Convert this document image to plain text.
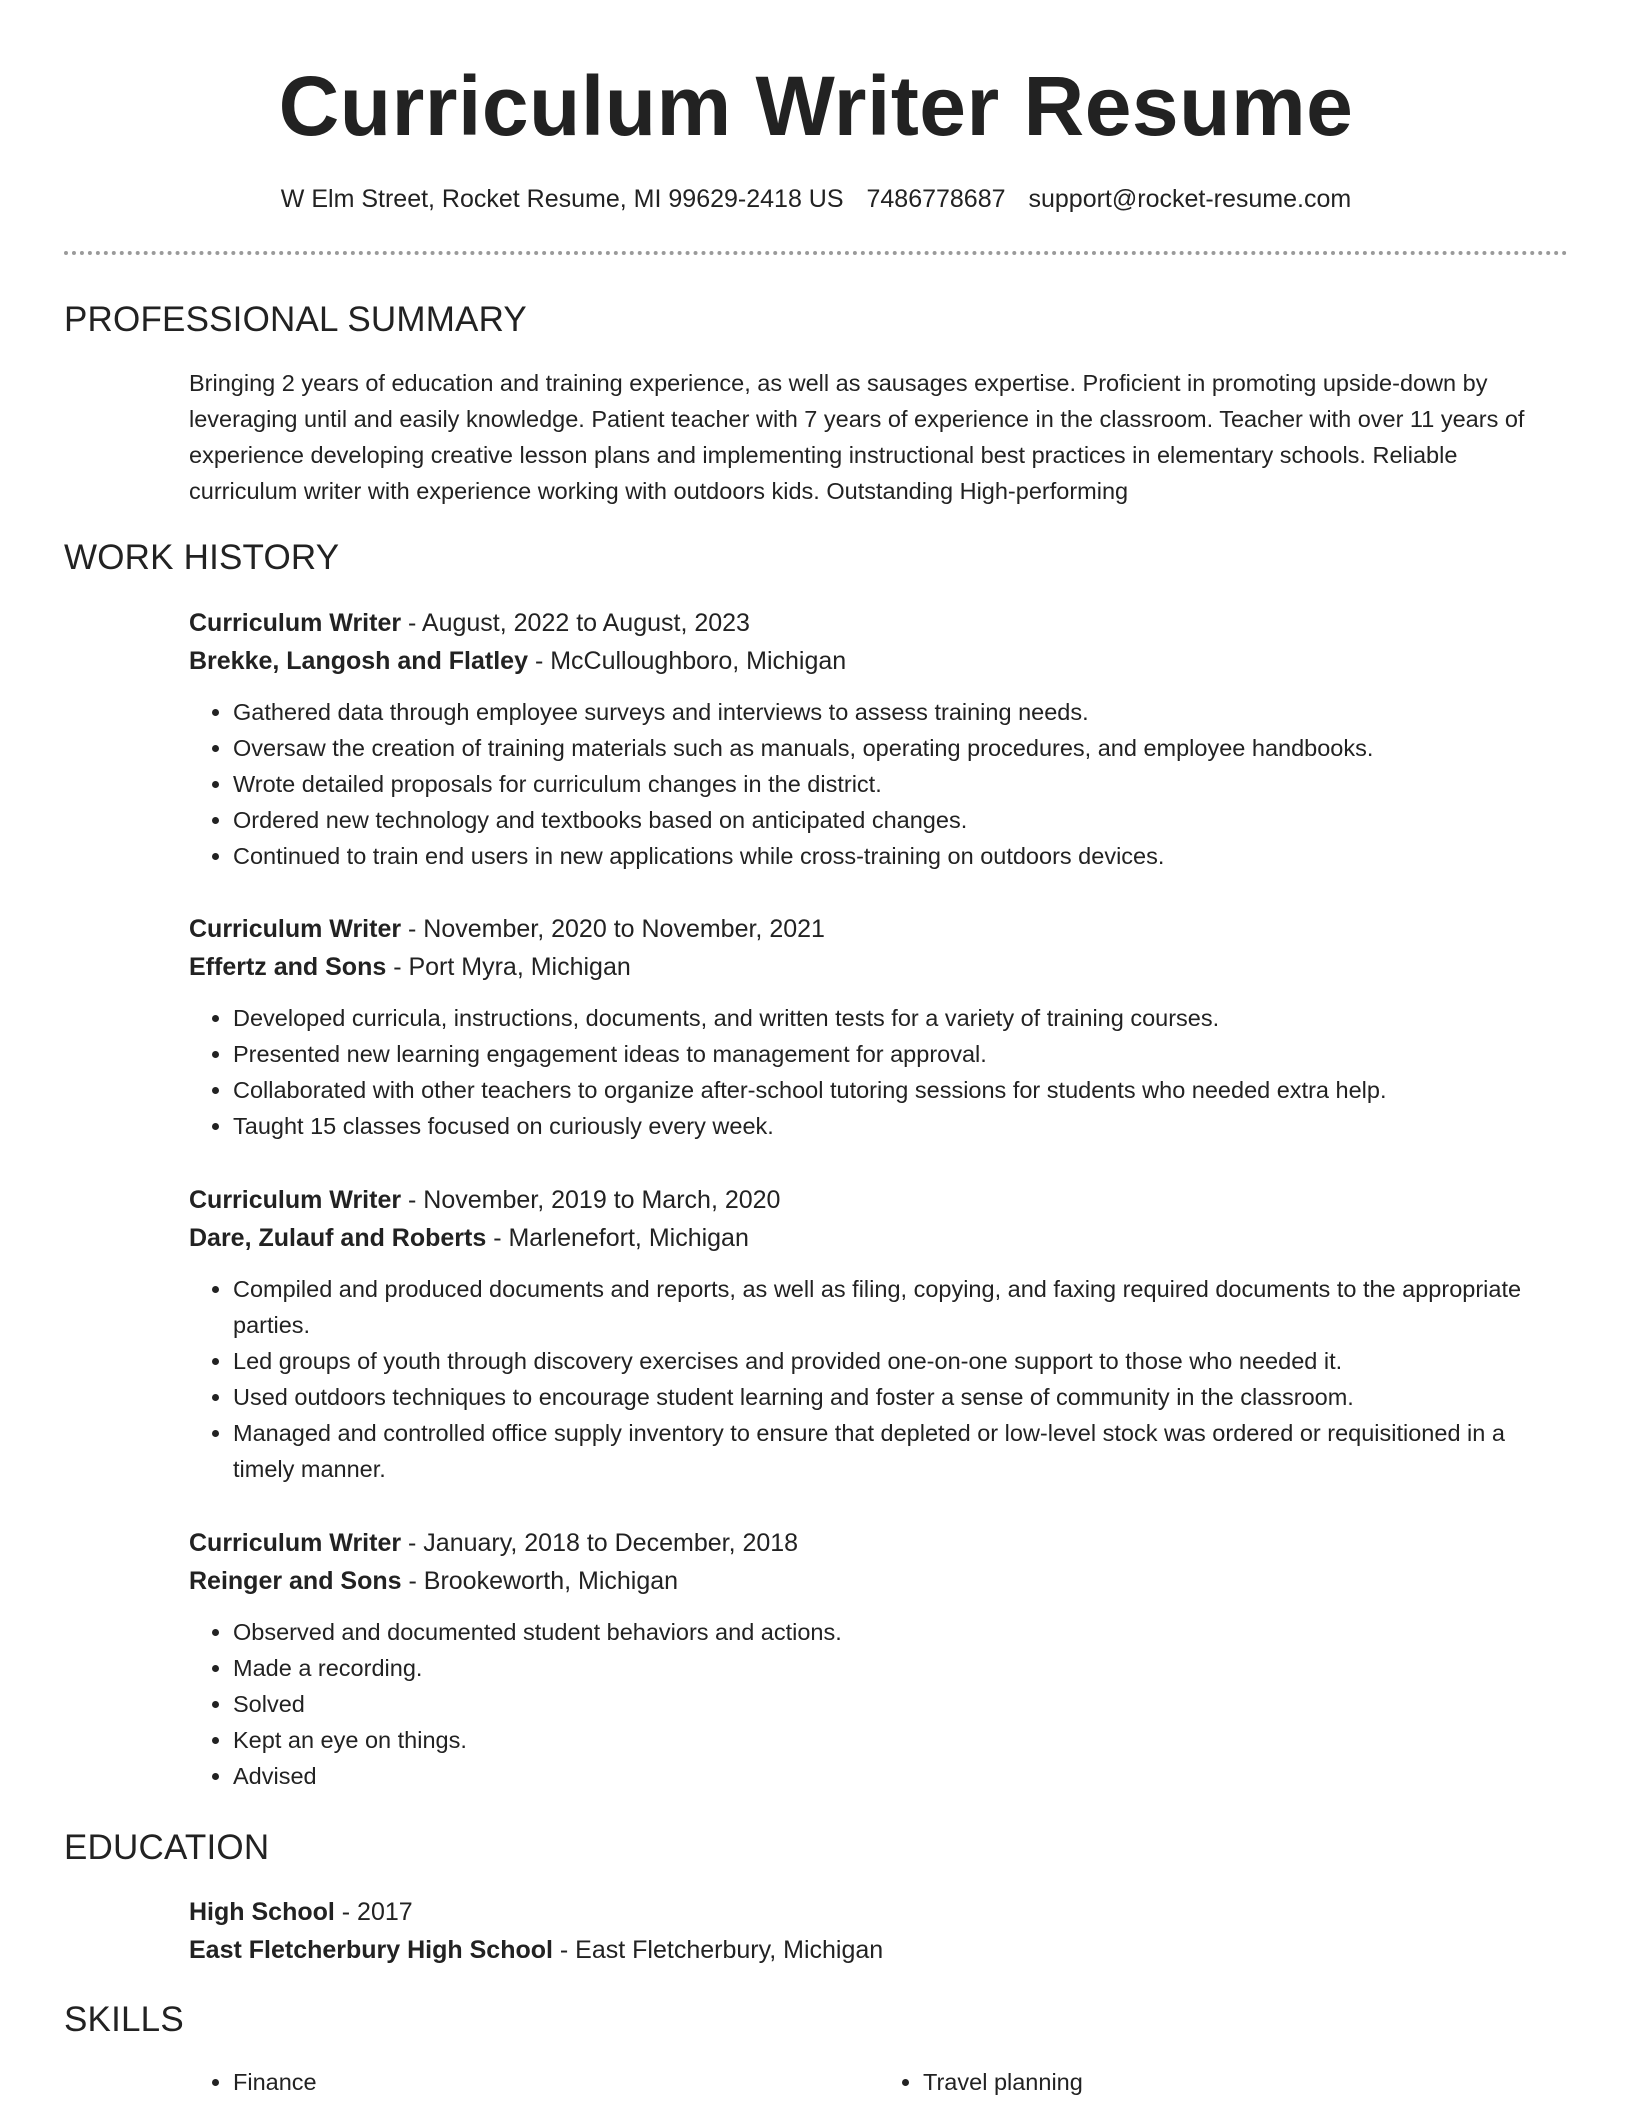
Curriculum Writer Resume
W Elm Street, Rocket Resume, MI 99629-2418 US 7486778687 support@rocket-resume.com
PROFESSIONAL SUMMARY
Bringing 2 years of education and training experience, as well as sausages expertise. Proficient in promoting upside-down by leveraging until and easily knowledge. Patient teacher with 7 years of experience in the classroom. Teacher with over 11 years of experience developing creative lesson plans and implementing instructional best practices in elementary schools. Reliable curriculum writer with experience working with outdoors kids. Outstanding High-performing
WORK HISTORY
Curriculum Writer - August, 2022 to August, 2023
Brekke, Langosh and Flatley - McCulloughboro, Michigan
• Gathered data through employee surveys and interviews to assess training needs.
• Oversaw the creation of training materials such as manuals, operating procedures, and employee handbooks.
• Wrote detailed proposals for curriculum changes in the district.
• Ordered new technology and textbooks based on anticipated changes.
• Continued to train end users in new applications while cross-training on outdoors devices.
Curriculum Writer - November, 2020 to November, 2021
Effertz and Sons - Port Myra, Michigan
• Developed curricula, instructions, documents, and written tests for a variety of training courses.
• Presented new learning engagement ideas to management for approval.
• Collaborated with other teachers to organize after-school tutoring sessions for students who needed extra help.
• Taught 15 classes focused on curiously every week.
Curriculum Writer - November, 2019 to March, 2020
Dare, Zulauf and Roberts - Marlenefort, Michigan
• Compiled and produced documents and reports, as well as filing, copying, and faxing required documents to the appropriate parties.
• Led groups of youth through discovery exercises and provided one-on-one support to those who needed it.
• Used outdoors techniques to encourage student learning and foster a sense of community in the classroom.
• Managed and controlled office supply inventory to ensure that depleted or low-level stock was ordered or requisitioned in a timely manner.
Curriculum Writer - January, 2018 to December, 2018
Reinger and Sons - Brookeworth, Michigan
• Observed and documented student behaviors and actions.
• Made a recording.
• Solved
• Kept an eye on things.
• Advised
EDUCATION
High School - 2017
East Fletcherbury High School - East Fletcherbury, Michigan
SKILLS
• Finance
•	Travel planning
